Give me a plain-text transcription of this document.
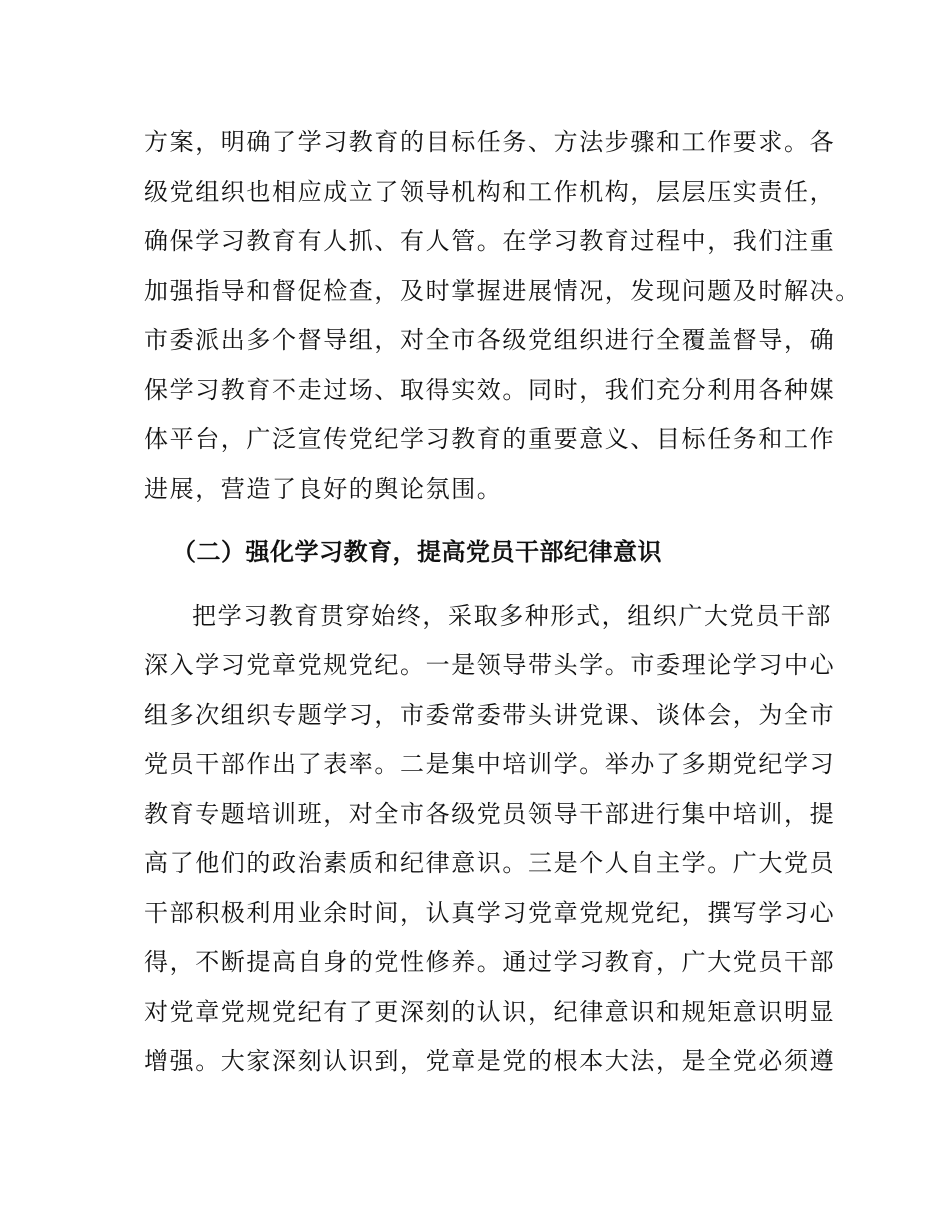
方案，明确了学习教育的目标任务、方法步骤和工作要求。各
级党组织也相应成立了领导机构和工作机构，层层压实责任，
确保学习教育有人抓、有人管。在学习教育过程中，我们注重
加强指导和督促检查，及时掌握进展情况，发现问题及时解决。
市委派出多个督导组，对全市各级党组织进行全覆盖督导，确
保学习教育不走过场、取得实效。同时，我们充分利用各种媒
体平台，广泛宣传党纪学习教育的重要意义、目标任务和工作
进展，营造了良好的舆论氛围。
（二）强化学习教育，提高党员干部纪律意识
把学习教育贯穿始终，采取多种形式，组织广大党员干部
深入学习党章党规党纪。一是领导带头学。市委理论学习中心
组多次组织专题学习，市委常委带头讲党课、谈体会，为全市
党员干部作出了表率。二是集中培训学。举办了多期党纪学习
教育专题培训班，对全市各级党员领导干部进行集中培训，提
高了他们的政治素质和纪律意识。三是个人自主学。广大党员
干部积极利用业余时间，认真学习党章党规党纪，撰写学习心
得，不断提高自身的党性修养。通过学习教育，广大党员干部
对党章党规党纪有了更深刻的认识，纪律意识和规矩意识明显
增强。大家深刻认识到，党章是党的根本大法，是全党必须遵
